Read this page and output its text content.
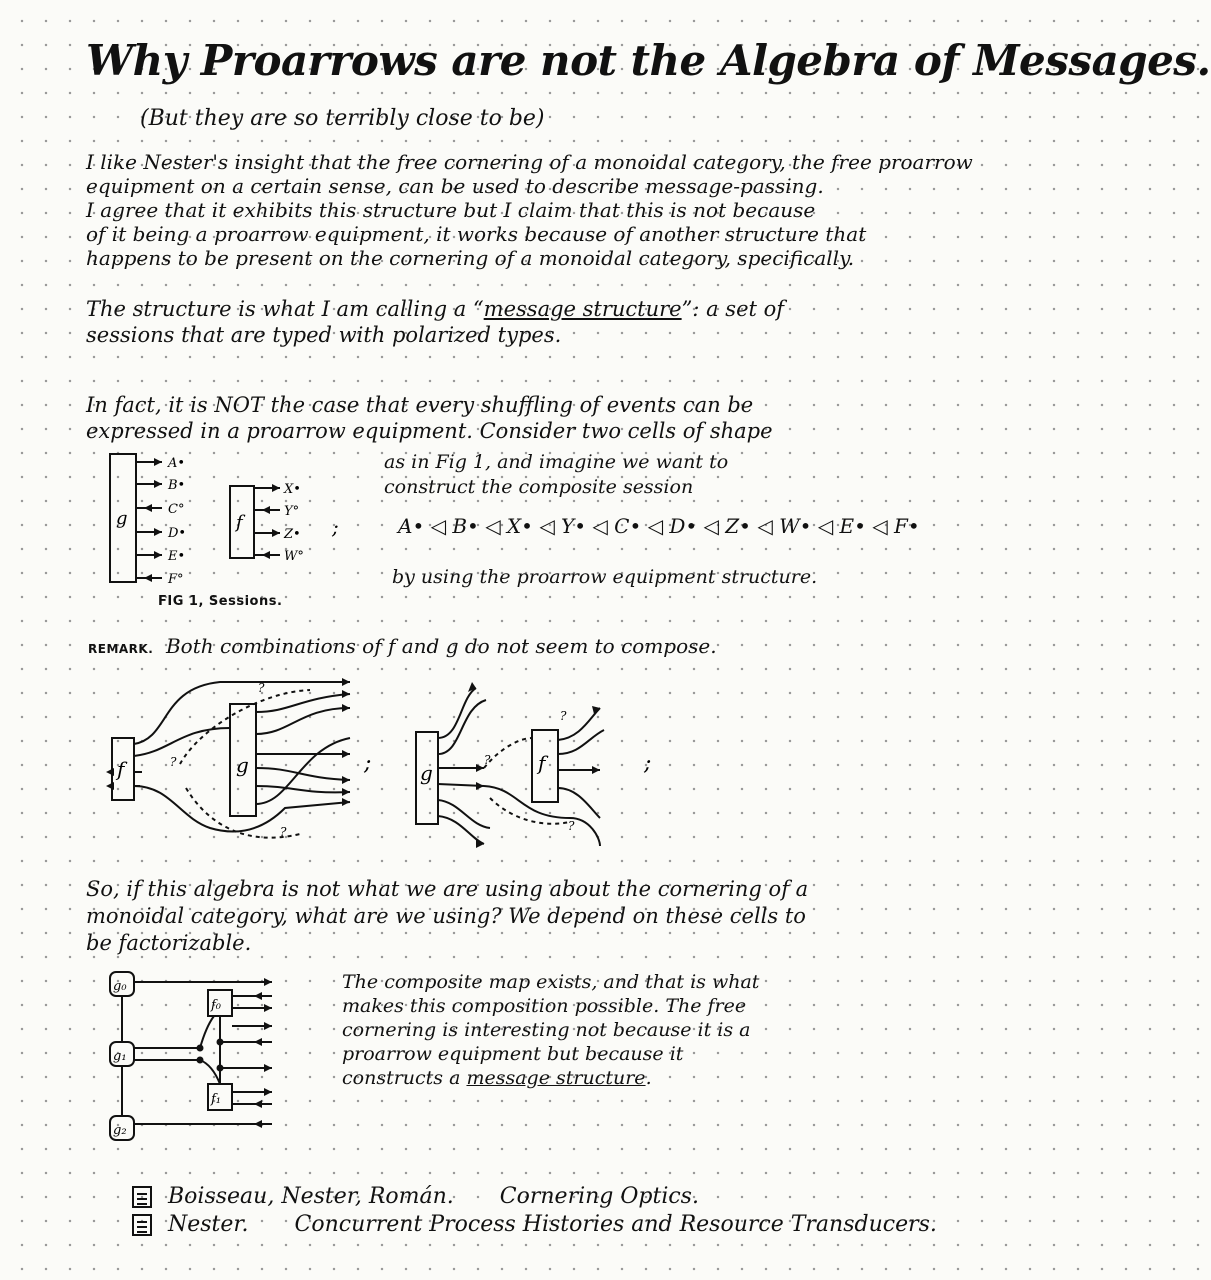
Why Proarrows are not the Algebra of Messages.
(But they are so terribly close to be)
I like Nester's insight that the free cornering of a monoidal category, the free proarrow
equipment on a certain sense, can be used to describe message-passing.
I agree that it exhibits this structure but I claim that this is not because
of it being a proarrow equipment, it works because of another structure that
happens to be present on the cornering of a monoidal category, specifically.
The structure is what I am calling a “message structure”: a set of
sessions that are typed with polarized types.
In fact, it is NOT the case that every shuffling of events can be
expressed in a proarrow equipment. Consider two cells of shape
as in Fig 1, and imagine we want to
construct the composite session
A• ◁ B• ◁ X• ◁ Y• ◁ C• ◁ D• ◁ Z• ◁ W• ◁ E• ◁ F•
by using the proarrow equipment structure.
g	f
A•
B•
C°
D•
E•
F°
X•
Y°
Z•
W°
;
FIG 1, Sessions.
REMARK. Both combinations of f and g do not seem to compose.
f	g	g	f
?
?
?
?
?
?
;	;
So, if this algebra is not what we are using about the cornering of a
monoidal category, what are we using? We depend on these cells to
be factorizable.
g₀
f₀
g₁
f₁
g₂
The composite map exists, and that is what
makes this composition possible. The free
cornering is interesting not because it is a
proarrow equipment but because it
constructs a message structure.
Boisseau, Nester, Román. Cornering Optics.
Nester. Concurrent Process Histories and Resource Transducers.
